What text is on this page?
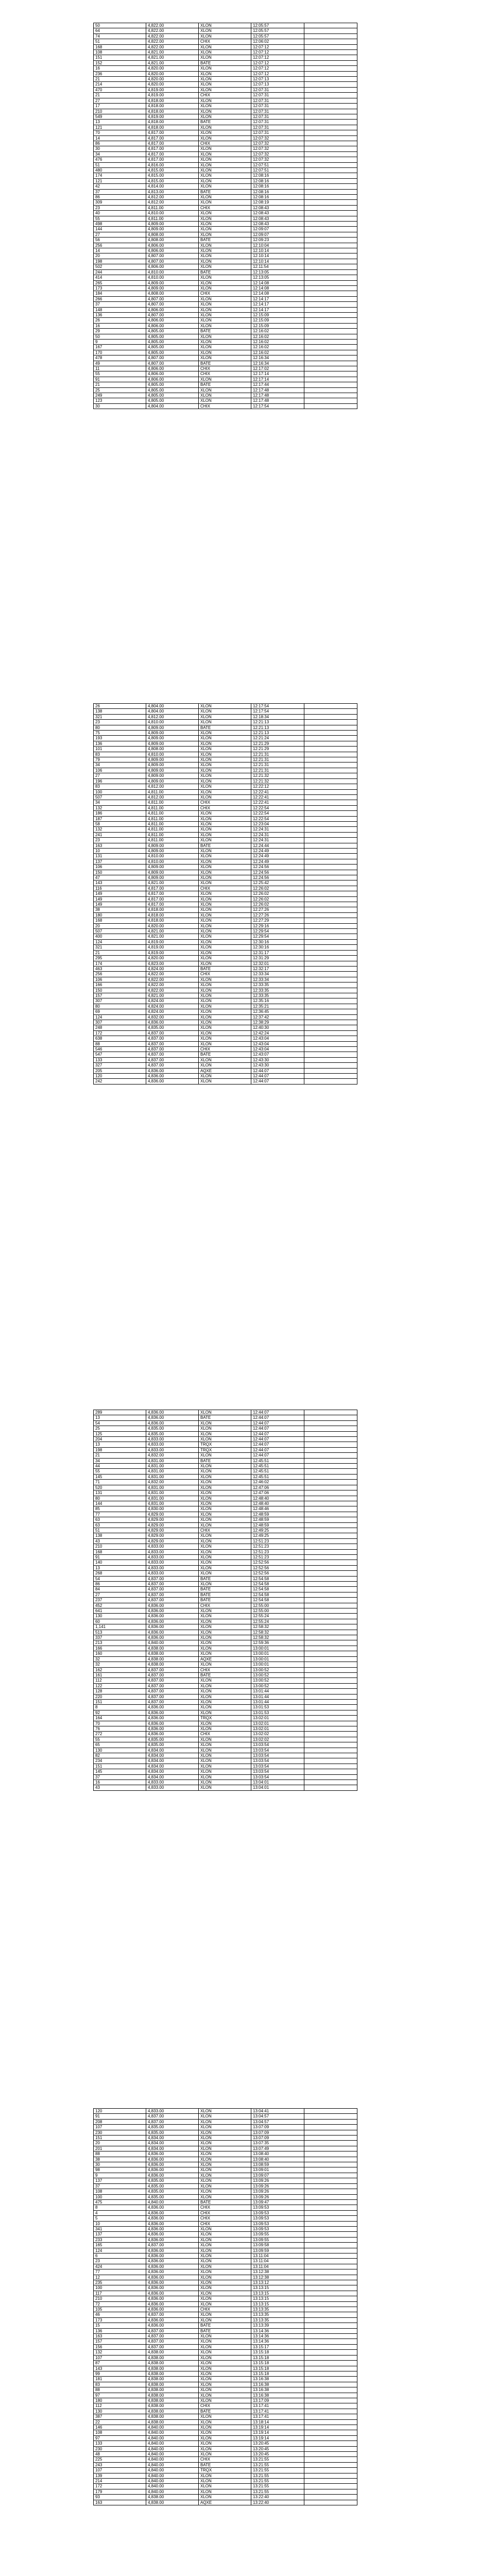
50	4,822.00	XLON	12:05:57	
64	4,822.00	XLON	12:05:57	
74	4,822.00	XLON	12:05:57	
51	4,822.00	CHIX	12:06:02	
168	4,822.00	XLON	12:07:12	
108	4,821.00	XLON	12:07:12	
151	4,821.00	XLON	12:07:12	
152	4,821.00	BATE	12:07:12	
16	4,820.00	XLON	12:07:12	
236	4,820.00	XLON	12:07:12	
21	4,820.00	XLON	12:07:13	
214	4,820.00	XLON	12:07:13	
470	4,819.00	XLON	12:07:31	
21	4,819.00	CHIX	12:07:31	
27	4,818.00	XLON	12:07:31	
17	4,818.00	XLON	12:07:31	
210	4,818.00	XLON	12:07:31	
549	4,819.00	XLON	12:07:31	
13	4,818.00	BATE	12:07:31	
121	4,818.00	XLON	12:07:31	
70	4,817.00	XLON	12:07:31	
14	4,817.00	XLON	12:07:32	
86	4,817.00	CHIX	12:07:32	
30	4,817.00	XLON	12:07:32	
34	4,817.00	XLON	12:07:32	
476	4,817.00	XLON	12:07:32	
51	4,816.00	XLON	12:07:51	
480	4,815.00	XLON	12:07:51	
174	4,815.00	XLON	12:08:16	
121	4,815.00	XLON	12:08:16	
42	4,814.00	XLON	12:08:16	
37	4,813.00	BATE	12:08:16	
86	4,812.00	XLON	12:08:16	
309	4,812.00	XLON	12:08:19	
23	4,811.00	CHIX	12:08:43	
40	4,810.00	XLON	12:08:43	
55	4,811.00	XLON	12:08:43	
498	4,809.00	XLON	12:08:43	
144	4,809.00	XLON	12:09:07	
27	4,808.00	XLON	12:09:07	
56	4,808.00	BATE	12:09:23	
256	4,806.00	XLON	12:10:04	
14	4,806.00	XLON	12:10:14	
20	4,807.00	XLON	12:10:14	
198	4,807.00	XLON	12:10:14	
502	4,806.00	XLON	12:11:54	
244	4,810.00	BATE	12:13:05	
414	4,810.00	XLON	12:13:05	
265	4,809.00	XLON	12:14:08	
173	4,809.00	XLON	12:14:08	
184	4,808.00	CHIX	12:14:08	
266	4,807.00	XLON	12:14:17	
37	4,807.00	XLON	12:14:17	
148	4,806.00	XLON	12:14:17	
136	4,807.00	XLON	12:15:09	
26	4,806.00	XLON	12:15:09	
16	4,806.00	XLON	12:15:09	
29	4,805.00	BATE	12:16:02	
50	4,805.00	XLON	12:16:02	
9	4,805.00	XLON	12:16:02	
167	4,805.00	XLON	12:16:02	
170	4,805.00	XLON	12:16:02	
478	4,807.00	XLON	12:16:34	
49	4,807.00	BATE	12:16:34	
11	4,806.00	CHIX	12:17:02	
55	4,806.00	CHIX	12:17:14	
91	4,806.00	XLON	12:17:14	
21	4,805.00	BATE	12:17:44	
25	4,805.00	XLON	12:17:48	
249	4,805.00	XLON	12:17:48	
123	4,805.00	XLON	12:17:48	
30	4,804.00	CHIX	12:17:54	
26	4,804.00	XLON	12:17:54	
138	4,804.00	XLON	12:17:54	
321	4,812.00	XLON	12:18:34	
23	4,810.00	XLON	12:21:13	
80	4,809.00	BATE	12:21:13	
75	4,809.00	XLON	12:21:13	
193	4,809.00	XLON	12:21:24	
136	4,809.00	XLON	12:21:29	
101	4,808.00	XLON	12:21:29	
83	4,810.00	XLON	12:21:31	
79	4,809.00	XLON	12:21:31	
34	4,809.00	XLON	12:21:31	
106	4,809.00	XLON	12:21:31	
27	4,809.00	XLON	12:21:32	
196	4,809.00	XLON	12:21:32	
83	4,812.00	XLON	12:22:12	
100	4,811.00	XLON	12:22:41	
507	4,812.00	XLON	12:22:41	
34	4,811.00	CHIX	12:22:41	
132	4,811.00	CHIX	12:22:54	
186	4,811.00	XLON	12:22:54	
187	4,811.00	XLON	12:22:54	
58	4,811.00	XLON	12:23:04	
132	4,811.00	XLON	12:24:31	
241	4,811.00	XLON	12:24:31	
23	4,811.00	XLON	12:24:31	
163	4,809.00	BATE	12:24:44	
10	4,809.00	XLON	12:24:49	
131	4,810.00	XLON	12:24:49	
137	4,810.00	XLON	12:24:49	
106	4,809.00	XLON	12:24:56	
150	4,809.00	XLON	12:24:56	
47	4,809.00	XLON	12:24:56	
143	4,821.00	XLON	12:25:42	
116	4,817.00	CHIX	12:26:02	
149	4,817.00	XLON	12:26:02	
149	4,817.00	XLON	12:26:02	
149	4,817.00	XLON	12:26:02	
38	4,818.00	XLON	12:27:26	
180	4,818.00	XLON	12:27:26	
168	4,818.00	XLON	12:27:29	
20	4,820.00	XLON	12:29:16	
507	4,821.00	XLON	12:29:54	
400	4,821.00	XLON	12:29:54	
124	4,819.00	XLON	12:30:16	
321	4,819.00	XLON	12:30:16	
21	4,819.00	XLON	12:31:17	
295	4,820.00	XLON	12:31:29	
174	4,823.00	XLON	12:32:01	
463	4,824.00	BATE	12:32:17	
256	4,822.00	CHIX	12:33:34	
106	4,822.00	XLON	12:33:34	
166	4,822.00	XLON	12:33:35	
150	4,822.00	XLON	12:33:35	
157	4,821.00	XLON	12:33:35	
307	4,824.00	XLON	12:35:16	
80	4,824.00	XLON	12:35:21	
69	4,824.00	XLON	12:36:45	
124	4,832.00	XLON	12:37:42	
307	4,836.00	XLON	12:38:29	
248	4,835.00	XLON	12:40:30	
172	4,837.00	XLON	12:42:24	
638	4,837.00	XLON	12:43:04	
88	4,837.00	XLON	12:43:04	
546	4,837.00	CHIX	12:43:04	
547	4,837.00	BATE	12:43:07	
133	4,837.00	XLON	12:43:30	
327	4,837.00	XLON	12:43:30	
205	4,836.00	AQXE	12:44:07	
120	4,836.00	XLON	12:44:07	
242	4,836.00	XLON	12:44:07	
289	4,836.00	XLON	12:44:07	
13	4,836.00	BATE	12:44:07	
54	4,836.00	XLON	12:44:07	
25	4,835.00	XLON	12:44:07	
125	4,835.00	XLON	12:44:07	
204	4,833.00	XLON	12:44:07	
13	4,833.00	TRQX	12:44:07	
198	4,833.00	TRQX	12:44:07	
21	4,832.00	XLON	12:44:07	
34	4,831.00	BATE	12:45:51	
44	4,831.00	XLON	12:45:51	
55	4,831.00	XLON	12:45:51	
145	4,831.00	XLON	12:45:51	
71	4,832.00	XLON	12:46:02	
520	4,831.00	XLON	12:47:06	
131	4,831.00	XLON	12:47:06	
80	4,831.00	XLON	12:48:40	
144	4,831.00	XLON	12:48:40	
85	4,830.00	XLON	12:48:46	
77	4,829.00	XLON	12:48:59	
63	4,829.00	XLON	12:48:59	
63	4,829.00	XLON	12:48:59	
51	4,829.00	CHIX	12:49:25	
138	4,829.00	XLON	12:49:25	
43	4,829.00	XLON	12:51:23	
210	4,833.00	XLON	12:51:23	
168	4,833.00	XLON	12:51:23	
91	4,833.00	XLON	12:51:23	
140	4,833.00	XLON	12:52:56	
13	4,833.00	XLON	12:52:56	
268	4,833.00	XLON	12:52:56	
54	4,837.00	BATE	12:54:58	
86	4,837.00	XLON	12:54:58	
84	4,837.00	BATE	12:54:58	
27	4,837.00	BATE	12:54:58	
237	4,837.00	BATE	12:54:58	
452	4,836.00	CHIX	12:55:00	
641	4,836.00	XLON	12:55:00	
130	4,836.00	XLON	12:55:24	
60	4,836.00	XLON	12:55:24	
1,141	4,836.00	XLON	12:58:32	
513	4,836.00	XLON	12:58:32	
337	4,836.00	XLON	12:58:32	
213	4,840.00	XLON	12:59:36	
166	4,838.00	XLON	13:00:01	
160	4,838.00	XLON	13:00:01	
32	4,838.00	AQXE	13:00:01	
32	4,838.00	XLON	13:00:01	
162	4,837.00	CHIX	13:00:52	
161	4,837.00	BATE	13:00:52	
112	4,837.00	XLON	13:00:52	
122	4,837.00	XLON	13:00:52	
128	4,837.00	XLON	13:01:44	
220	4,837.00	XLON	13:01:44	
151	4,837.00	XLON	13:01:44	
8	4,836.00	XLON	13:01:53	
92	4,836.00	XLON	13:01:53	
164	4,836.00	TRQX	13:02:01	
70	4,836.00	XLON	13:02:01	
76	4,836.00	XLON	13:02:01	
272	4,836.00	CHIX	13:02:02	
55	4,835.00	XLON	13:02:02	
65	4,835.00	XLON	13:03:54	
130	4,834.00	XLON	13:03:54	
82	4,834.00	XLON	13:03:54	
234	4,834.00	XLON	13:03:54	
151	4,834.00	XLON	13:03:54	
145	4,834.00	XLON	13:03:54	
37	4,834.00	XLON	13:03:54	
16	4,833.00	XLON	13:04:01	
43	4,833.00	XLON	13:04:01	
120	4,833.00	XLON	13:04:41	
91	4,837.00	XLON	13:04:57	
208	4,837.00	XLON	13:04:57	
107	4,835.00	XLON	13:07:09	
230	4,835.00	XLON	13:07:09	
151	4,834.00	XLON	13:07:09	
20	4,834.00	XLON	13:07:35	
201	4,834.00	XLON	13:07:49	
88	4,836.00	XLON	13:08:40	
38	4,836.00	XLON	13:08:40	
30	4,836.00	XLON	13:08:59	
98	4,836.00	XLON	13:09:01	
9	4,836.00	XLON	13:09:07	
137	4,835.00	XLON	13:09:26	
37	4,835.00	XLON	13:09:26	
108	4,835.00	XLON	13:09:26	
100	4,835.00	XLON	13:09:26	
475	4,840.00	BATE	13:09:47	
8	4,836.00	CHIX	13:09:53	
4	4,836.00	CHIX	13:09:53	
5	4,836.00	CHIX	13:09:53	
10	4,836.00	CHIX	13:09:53	
341	4,836.00	XLON	13:09:53	
137	4,836.00	XLON	13:09:55	
233	4,836.00	XLON	13:09:55	
165	4,837.00	XLON	13:09:58	
124	4,836.00	XLON	13:09:59	
6	4,836.00	XLON	13:11:04	
23	4,836.00	XLON	13:11:04	
424	4,836.00	XLON	13:11:04	
77	4,836.00	XLON	13:12:38	
12	4,836.00	XLON	13:12:38	
235	4,836.00	XLON	13:13:12	
100	4,836.00	XLON	13:13:15	
117	4,836.00	XLON	13:13:15	
210	4,836.00	XLON	13:13:15	
72	4,836.00	XLON	13:13:15	
105	4,836.00	CHIX	13:13:35	
46	4,837.00	XLON	13:13:35	
173	4,836.00	XLON	13:13:35	
15	4,836.00	BATE	13:13:39	
136	4,837.00	BATE	13:14:36	
163	4,837.00	XLON	13:14:36	
157	4,837.00	XLON	13:14:36	
156	4,837.00	XLON	13:15:17	
132	4,838.00	XLON	13:15:18	
107	4,838.00	XLON	13:15:18	
87	4,838.00	XLON	13:15:18	
143	4,838.00	XLON	13:15:18	
99	4,838.00	XLON	13:15:18	
181	4,838.00	XLON	13:16:38	
83	4,838.00	XLON	13:16:38	
88	4,838.00	XLON	13:16:38	
97	4,838.00	XLON	13:16:38	
180	4,838.00	XLON	13:17:09	
112	4,838.00	CHIX	13:17:41	
130	4,838.00	BATE	13:17:41	
387	4,838.00	XLON	13:17:41	
22	4,838.00	XLON	13:18:14	
146	4,840.00	XLON	13:19:14	
108	4,840.00	XLON	13:19:14	
97	4,840.00	XLON	13:19:14	
133	4,840.00	XLON	13:20:45	
230	4,840.00	XLON	13:20:45	
48	4,840.00	XLON	13:20:45	
225	4,840.00	CHIX	13:21:55	
243	4,840.00	BATE	13:21:55	
107	4,840.00	TRQX	13:21:55	
139	4,840.00	XLON	13:21:55	
214	4,840.00	XLON	13:21:55	
172	4,840.00	XLON	13:21:55	
179	4,840.00	XLON	13:21:55	
93	4,838.00	XLON	13:22:40	
163	4,838.00	AQXE	13:22:40	
